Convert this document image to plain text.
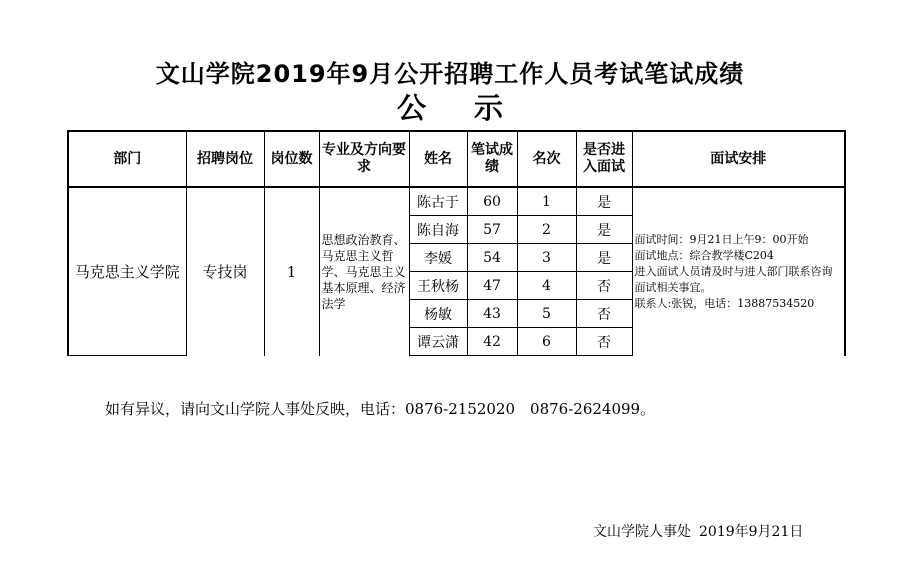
文山学院2019年9月公开招聘工作人员考试笔试成绩
公示
部门	招聘岗位	岗位数	专业及方向要求	姓名	笔试成绩	名次	是否进入面试	面试安排
马克思主义学院	专技岗	1	思想政治教育、马克思主义哲学、马克思主义基本原理、经济法学	陈古于	60	1	是	面试时间：9月21日上午9：00开始
面试地点：综合教学楼C204
进入面试人员请及时与进人部门联系咨询面试相关事宜。
联系人:张锐，电话：13887534520

				陈自海	57	2	是	
				李媛	54	3	是	
				王秋杨	47	4	否	
				杨敏	43	5	否	
				谭云潇	42	6	否	
如有异议，请向文山学院人事处反映，电话：0876-2152020　0876-2624099。
文山学院人事处 2019年9月21日
